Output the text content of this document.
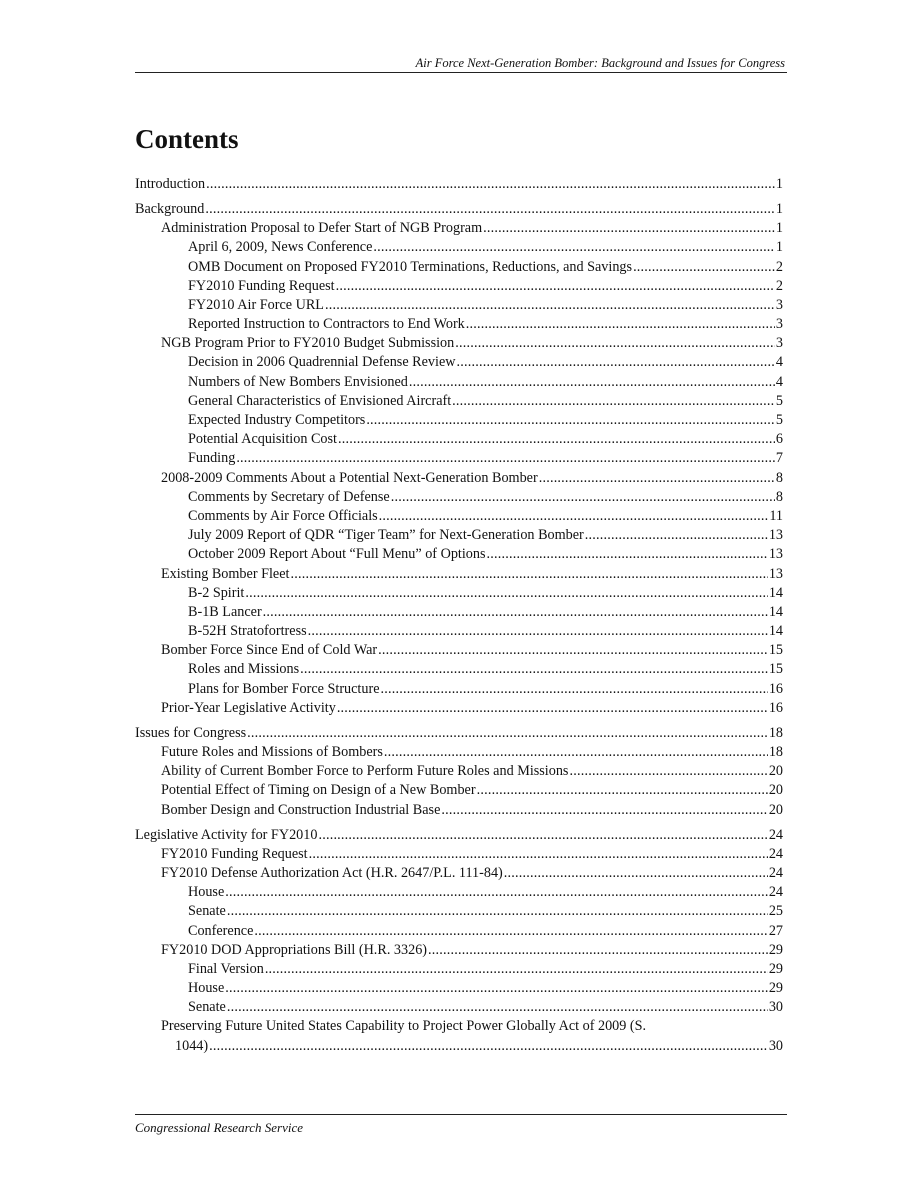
Air Force Next-Generation Bomber: Background and Issues for Congress
Contents
Introduction .....	1
Background .....	1
Administration Proposal to Defer Start of NGB Program .....	1
April 6, 2009, News Conference .....	1
OMB Document on Proposed FY2010 Terminations, Reductions, and Savings .....	2
FY2010 Funding Request .....	2
FY2010 Air Force URL .....	3
Reported Instruction to Contractors to End Work .....	3
NGB Program Prior to FY2010 Budget Submission .....	3
Decision in 2006 Quadrennial Defense Review .....	4
Numbers of New Bombers Envisioned .....	4
General Characteristics of Envisioned Aircraft .....	5
Expected Industry Competitors .....	5
Potential Acquisition Cost .....	6
Funding .....	7
2008-2009 Comments About a Potential Next-Generation Bomber .....	8
Comments by Secretary of Defense .....	8
Comments by Air Force Officials .....	11
July 2009 Report of QDR “Tiger Team” for Next-Generation Bomber .....	13
October 2009 Report About “Full Menu” of Options .....	13
Existing Bomber Fleet .....	13
B-2 Spirit .....	14
B-1B Lancer .....	14
B-52H Stratofortress .....	14
Bomber Force Since End of Cold War .....	15
Roles and Missions .....	15
Plans for Bomber Force Structure .....	16
Prior-Year Legislative Activity .....	16
Issues for Congress .....	18
Future Roles and Missions of Bombers .....	18
Ability of Current Bomber Force to Perform Future Roles and Missions .....	20
Potential Effect of Timing on Design of a New Bomber .....	20
Bomber Design and Construction Industrial Base .....	20
Legislative Activity for FY2010 .....	24
FY2010 Funding Request .....	24
FY2010 Defense Authorization Act (H.R. 2647/P.L. 111-84) .....	24
House .....	24
Senate .....	25
Conference .....	27
FY2010 DOD Appropriations Bill (H.R. 3326) .....	29
Final Version .....	29
House .....	29
Senate .....	30
Preserving Future United States Capability to Project Power Globally Act of 2009 (S.
1044) .....	30
Congressional Research Service
